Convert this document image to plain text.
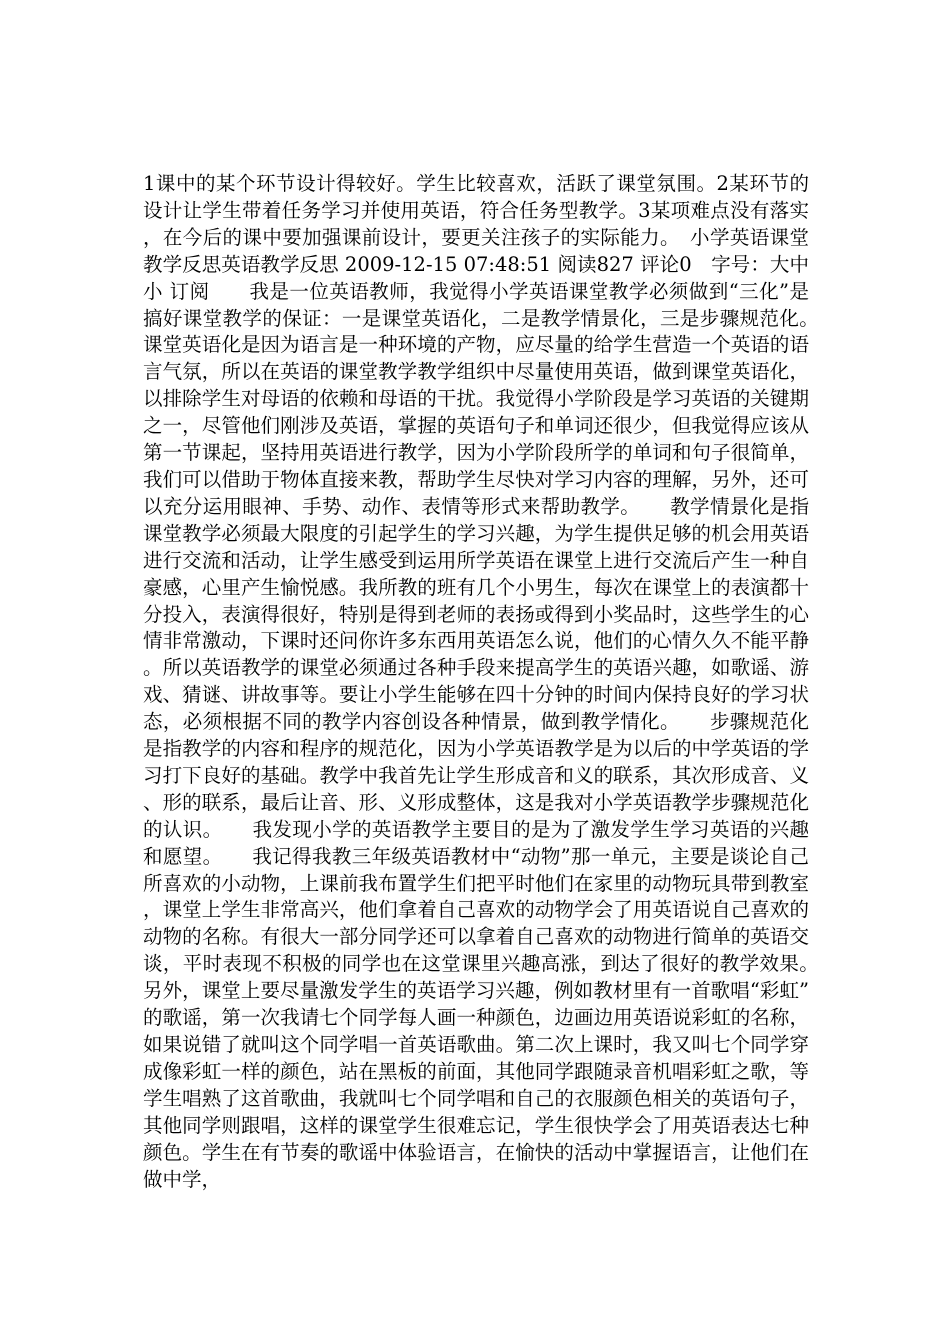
1课中的某个环节设计得较好。学生比较喜欢，活跃了课堂氛围。2某环节的设计让学生带着任务学习并使用英语，符合任务型教学。3某项难点没有落实，在今后的课中要加强课前设计，要更关注孩子的实际能力。　小学英语课堂教学反思英语教学反思 2009-12-15 07:48:51 阅读827 评论0　字号：大中小 订阅　　我是一位英语教师，我觉得小学英语课堂教学必须做到“三化”是搞好课堂教学的保证：一是课堂英语化，二是教学情景化，三是步骤规范化。　　课堂英语化是因为语言是一种环境的产物，应尽量的给学生营造一个英语的语言气氛，所以在英语的课堂教学教学组织中尽量使用英语，做到课堂英语化，以排除学生对母语的依赖和母语的干扰。我觉得小学阶段是学习英语的关键期之一，尽管他们刚涉及英语，掌握的英语句子和单词还很少，但我觉得应该从第一节课起，坚持用英语进行教学，因为小学阶段所学的单词和句子很简单，我们可以借助于物体直接来教，帮助学生尽快对学习内容的理解，另外，还可以充分运用眼神、手势、动作、表情等形式来帮助教学。　　教学情景化是指课堂教学必须最大限度的引起学生的学习兴趣，为学生提供足够的机会用英语进行交流和活动，让学生感受到运用所学英语在课堂上进行交流后产生一种自豪感，心里产生愉悦感。我所教的班有几个小男生，每次在课堂上的表演都十分投入，表演得很好，特别是得到老师的表扬或得到小奖品时，这些学生的心情非常激动，下课时还问你许多东西用英语怎么说，他们的心情久久不能平静。所以英语教学的课堂必须通过各种手段来提高学生的英语兴趣，如歌谣、游戏、猜谜、讲故事等。要让小学生能够在四十分钟的时间内保持良好的学习状态，必须根据不同的教学内容创设各种情景，做到教学情化。　　步骤规范化是指教学的内容和程序的规范化，因为小学英语教学是为以后的中学英语的学习打下良好的基础。教学中我首先让学生形成音和义的联系，其次形成音、义、形的联系，最后让音、形、义形成整体，这是我对小学英语教学步骤规范化的认识。　　我发现小学的英语教学主要目的是为了激发学生学习英语的兴趣和愿望。　　我记得我教三年级英语教材中“动物”那一单元，主要是谈论自己所喜欢的小动物，上课前我布置学生们把平时他们在家里的动物玩具带到教室，课堂上学生非常高兴，他们拿着自己喜欢的动物学会了用英语说自己喜欢的动物的名称。有很大一部分同学还可以拿着自己喜欢的动物进行简单的英语交谈，平时表现不积极的同学也在这堂课里兴趣高涨，到达了很好的教学效果。　　另外，课堂上要尽量激发学生的英语学习兴趣，例如教材里有一首歌唱“彩虹”的歌谣，第一次我请七个同学每人画一种颜色，边画边用英语说彩虹的名称，如果说错了就叫这个同学唱一首英语歌曲。第二次上课时，我又叫七个同学穿成像彩虹一样的颜色，站在黑板的前面，其他同学跟随录音机唱彩虹之歌，等学生唱熟了这首歌曲，我就叫七个同学唱和自己的衣服颜色相关的英语句子，其他同学则跟唱，这样的课堂学生很难忘记，学生很快学会了用英语表达七种颜色。学生在有节奏的歌谣中体验语言，在愉快的活动中掌握语言，让他们在做中学，
